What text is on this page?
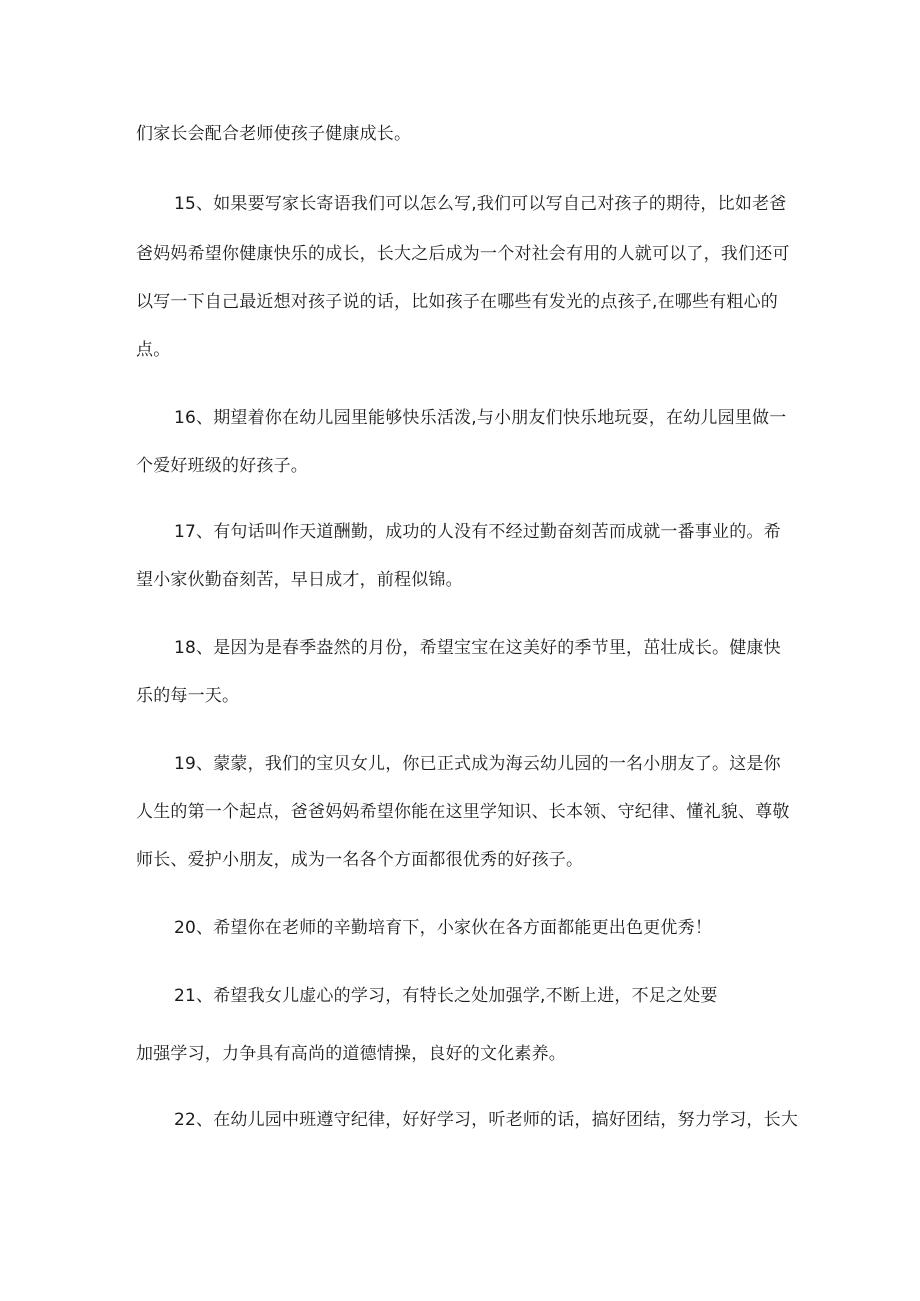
们家长会配合老师使孩子健康成长。

15、如果要写家长寄语我们可以怎么写,我们可以写自己对孩子的期待，比如老爸

爸妈妈希望你健康快乐的成长，长大之后成为一个对社会有用的人就可以了，我们还可

以写一下自己最近想对孩子说的话，比如孩子在哪些有发光的点孩子,在哪些有粗心的

点。

16、期望着你在幼儿园里能够快乐活泼,与小朋友们快乐地玩耍，在幼儿园里做一

个爱好班级的好孩子。

17、有句话叫作天道酬勤，成功的人没有不经过勤奋刻苦而成就一番事业的。希

望小家伙勤奋刻苦，早日成才，前程似锦。

18、是因为是春季盎然的月份，希望宝宝在这美好的季节里，茁壮成长。健康快

乐的每一天。

19、蒙蒙，我们的宝贝女儿，你已正式成为海云幼儿园的一名小朋友了。这是你

人生的第一个起点，爸爸妈妈希望你能在这里学知识、长本领、守纪律、懂礼貌、尊敬

师长、爱护小朋友，成为一名各个方面都很优秀的好孩子。

20、希望你在老师的辛勤培育下，小家伙在各方面都能更出色更优秀！

21、希望我女儿虚心的学习，有特长之处加强学,不断上进，不足之处要

加强学习，力争具有高尚的道德情操，良好的文化素养。

22、在幼儿园中班遵守纪律，好好学习，听老师的话，搞好团结，努力学习，长大
